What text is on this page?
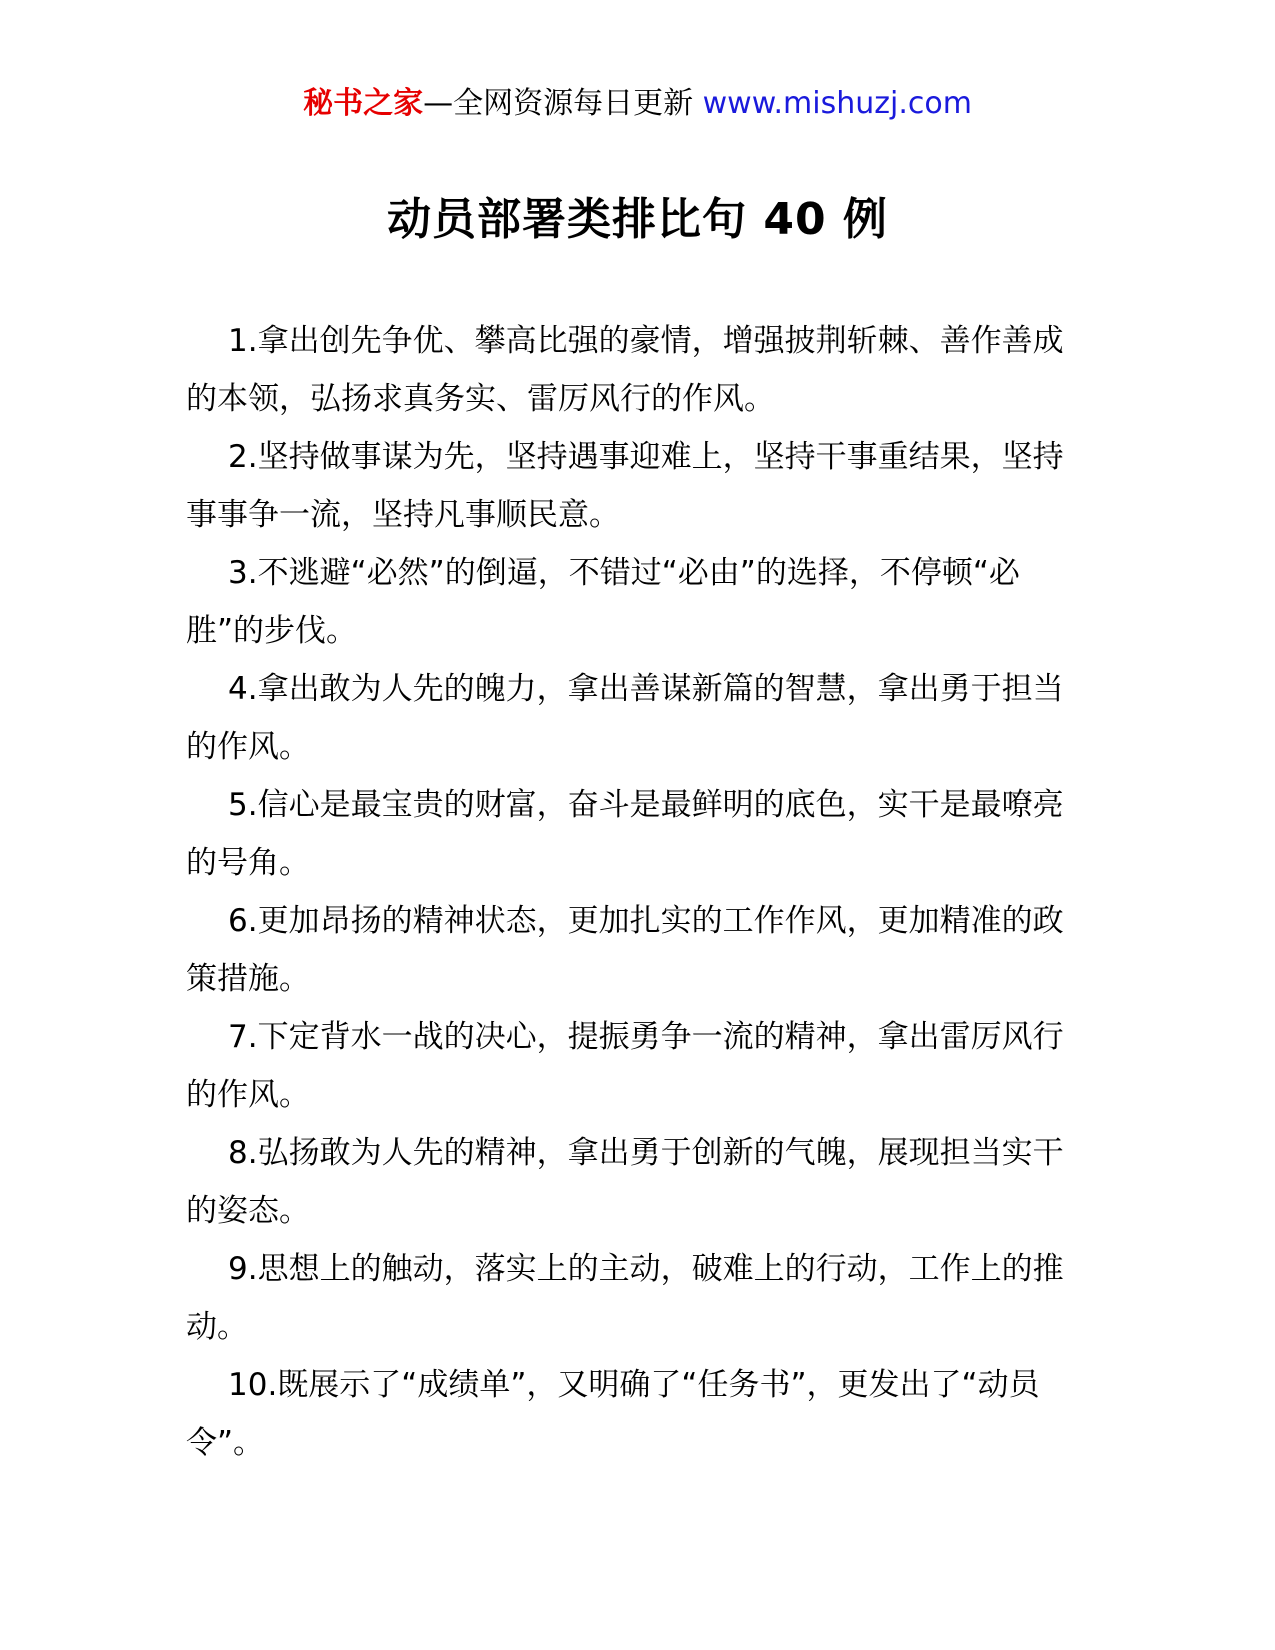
秘书之家—全网资源每日更新 www.mishuzj.com
动员部署类排比句 40 例

1.拿出创先争优、攀高比强的豪情，增强披荆斩棘、善作善成的本领，弘扬求真务实、雷厉风行的作风。

2.坚持做事谋为先，坚持遇事迎难上，坚持干事重结果，坚持事事争一流，坚持凡事顺民意。

3.不逃避“必然”的倒逼，不错过“必由”的选择，不停顿“必胜”的步伐。

4.拿出敢为人先的魄力，拿出善谋新篇的智慧，拿出勇于担当的作风。

5.信心是最宝贵的财富，奋斗是最鲜明的底色，实干是最嘹亮的号角。

6.更加昂扬的精神状态，更加扎实的工作作风，更加精准的政策措施。

7.下定背水一战的决心，提振勇争一流的精神，拿出雷厉风行的作风。

8.弘扬敢为人先的精神，拿出勇于创新的气魄，展现担当实干的姿态。

9.思想上的触动，落实上的主动，破难上的行动，工作上的推动。

10.既展示了“成绩单”，又明确了“任务书”，更发出了“动员令”。
